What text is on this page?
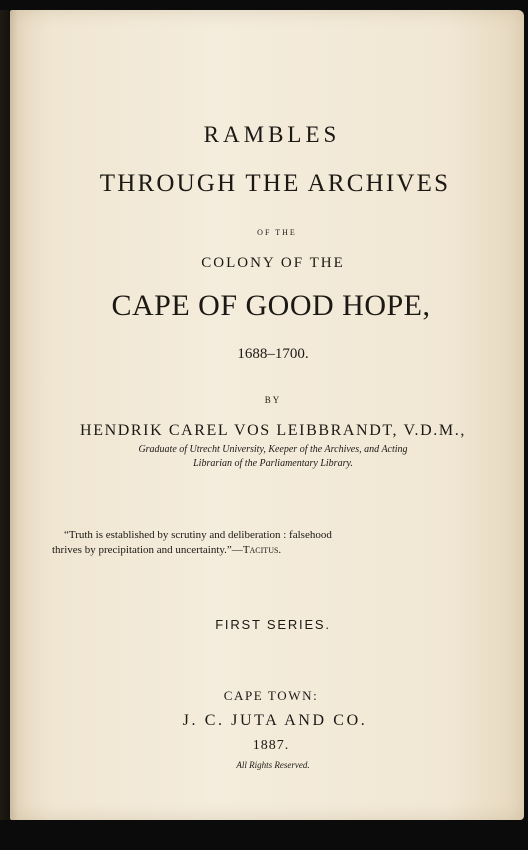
RAMBLES
THROUGH THE ARCHIVES
OF THE
COLONY OF THE
CAPE OF GOOD HOPE,
1688–1700.
BY
HENDRIK CAREL VOS LEIBBRANDT, V.D.M.,
Graduate of Utrecht University, Keeper of the Archives, and Acting
Librarian of the Parliamentary Library.
“Truth is established by scrutiny and deliberation : falsehood
thrives by precipitation and uncertainty.”—Tacitus.
FIRST SERIES.
CAPE TOWN:
J. C. JUTA AND CO.
1887.
All Rights Reserved.
